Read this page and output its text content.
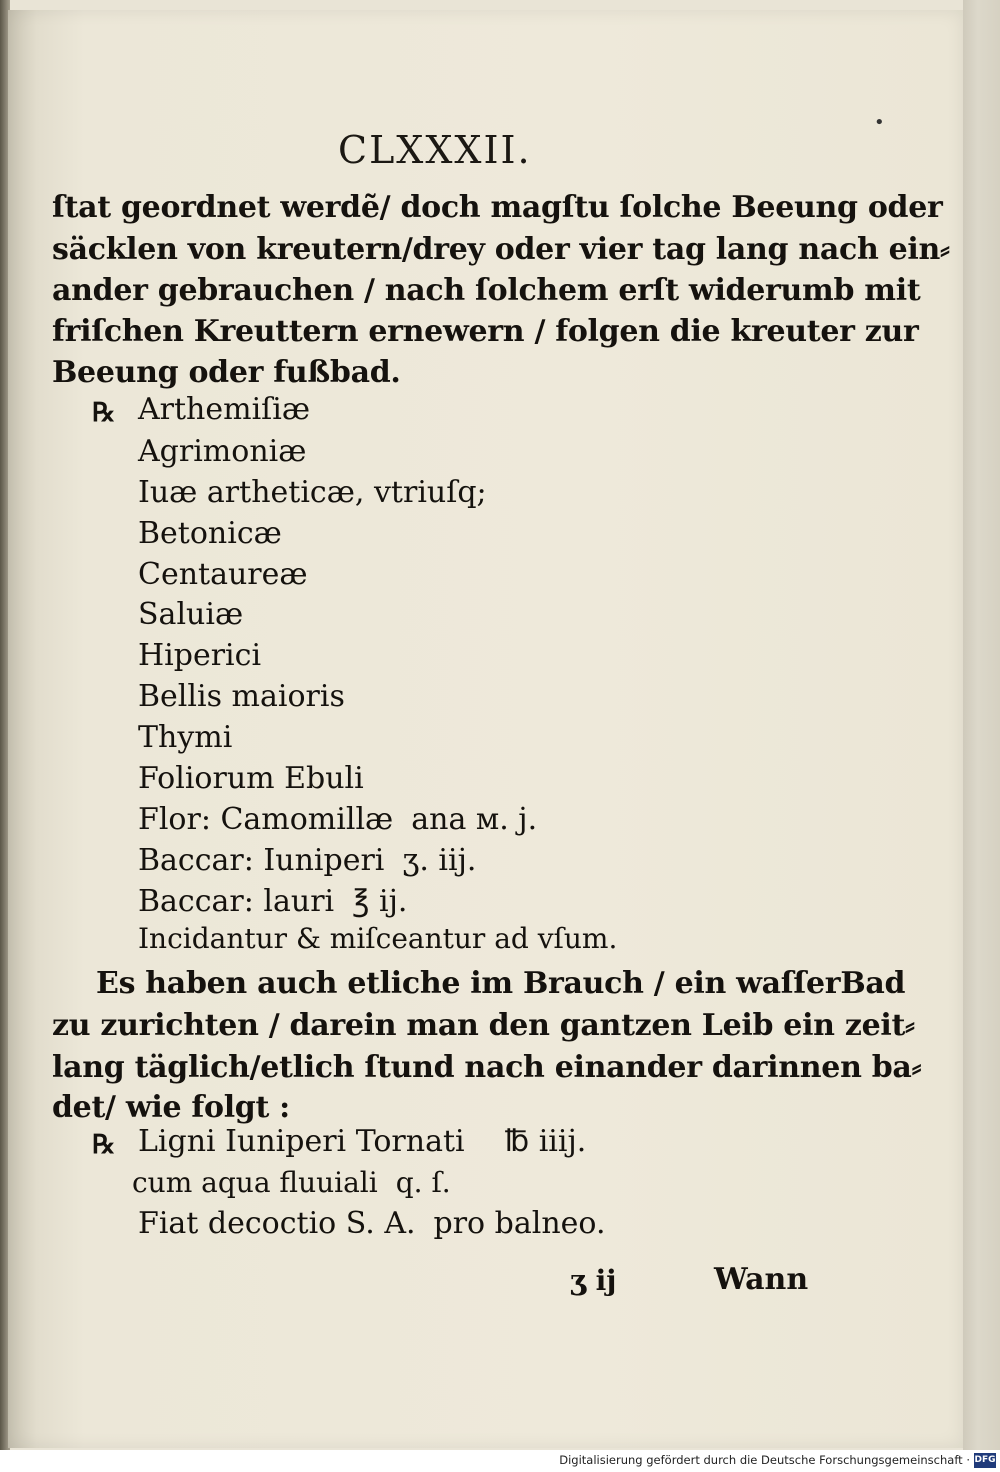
CLXXXII.
•
ſtat geordnet werdẽ/ doch magſtu ſolche Beeung oder
säcklen von kreutern/drey oder vier tag lang nach ein⸗
ander gebrauchen / nach ſolchem erſt widerumb mit
friſchen Kreuttern ernewern / folgen die kreuter zur
Beeung oder fußbad.
℞ Arthemiſiæ
Agrimoniæ
Iuæ artheticæ, vtriuſq;
Betonicæ
Centaureæ
Saluiæ
Hiperici
Bellis maioris
Thymi
Foliorum Ebuli
Flor: Camomillæ ana м. j.
Baccar: Iuniperi ʒ. iij.
Baccar: lauri ℥ ij.
Incidantur & miſceantur ad vſum.
Es haben auch etliche im Brauch / ein waſſerBad
zu zurichten / darein man den gantzen Leib ein zeit⸗
lang täglich/etlich ſtund nach einander darinnen ba⸗
det/ wie folgt :
℞ Ligni Iuniperi Tornati ℔ iiij.
cum aqua fluuiali q. ſ.
Fiat decoctio S. A. pro balneo.
ʒ ij	Wann
Digitalisierung gefördert durch die Deutsche Forschungsgemeinschaft · DFG
